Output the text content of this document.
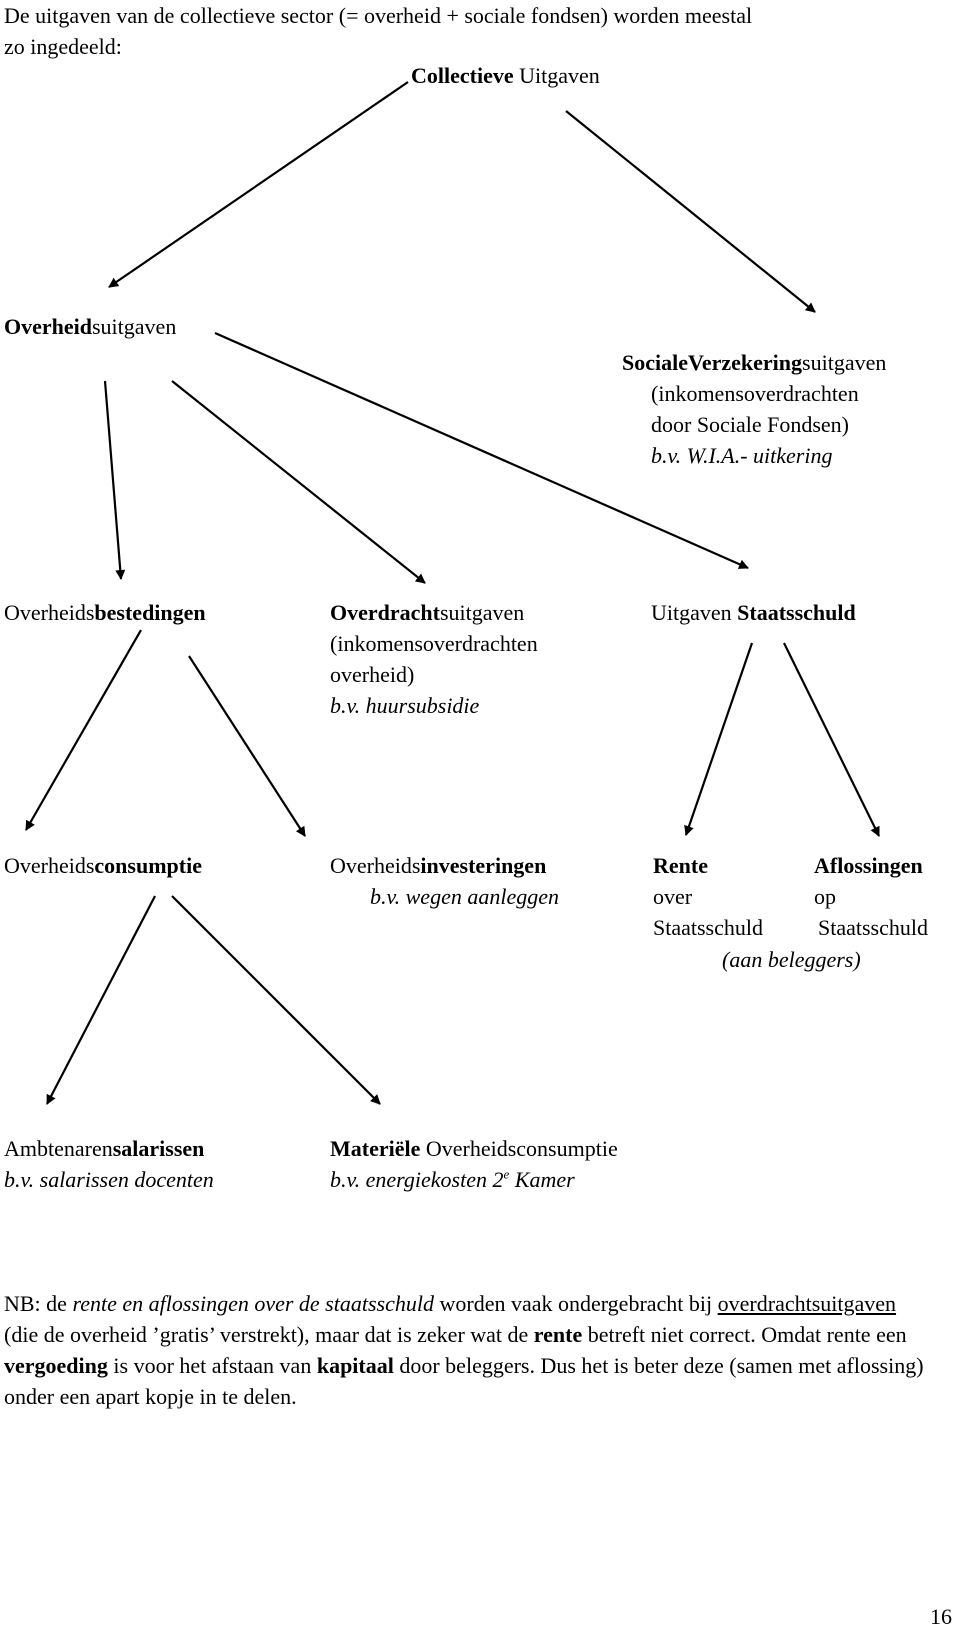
De uitgaven van de collectieve sector (= overheid + sociale fondsen) worden meestal
zo ingedeeld:
Collectieve Uitgaven
Overheidsuitgaven
SocialeVerzekeringsuitgaven
(inkomensoverdrachten
door Sociale Fondsen)
b.v. W.I.A.- uitkering
Overheidsbestedingen	Overdrachtsuitgaven
(inkomensoverdrachten
overheid)
b.v. huursubsidie
Uitgaven Staatsschuld
Overheidsconsumptie	Overheidsinvesteringen
b.v. wegen aanleggen
Rente
over
Staatsschuld
Aflossingen
op
Staatsschuld
(aan beleggers)
Ambtenarensalarissen
b.v. salarissen docenten
Materiële Overheidsconsumptie
b.v. energiekosten 2e Kamer
NB: de rente en aflossingen over de staatsschuld worden vaak ondergebracht bij overdrachtsuitgaven (die de overheid ’gratis’ verstrekt), maar dat is zeker wat de rente betreft niet correct. Omdat rente een vergoeding is voor het afstaan van kapitaal door beleggers. Dus het is beter deze (samen met aflossing) onder een apart kopje in te delen.
16
